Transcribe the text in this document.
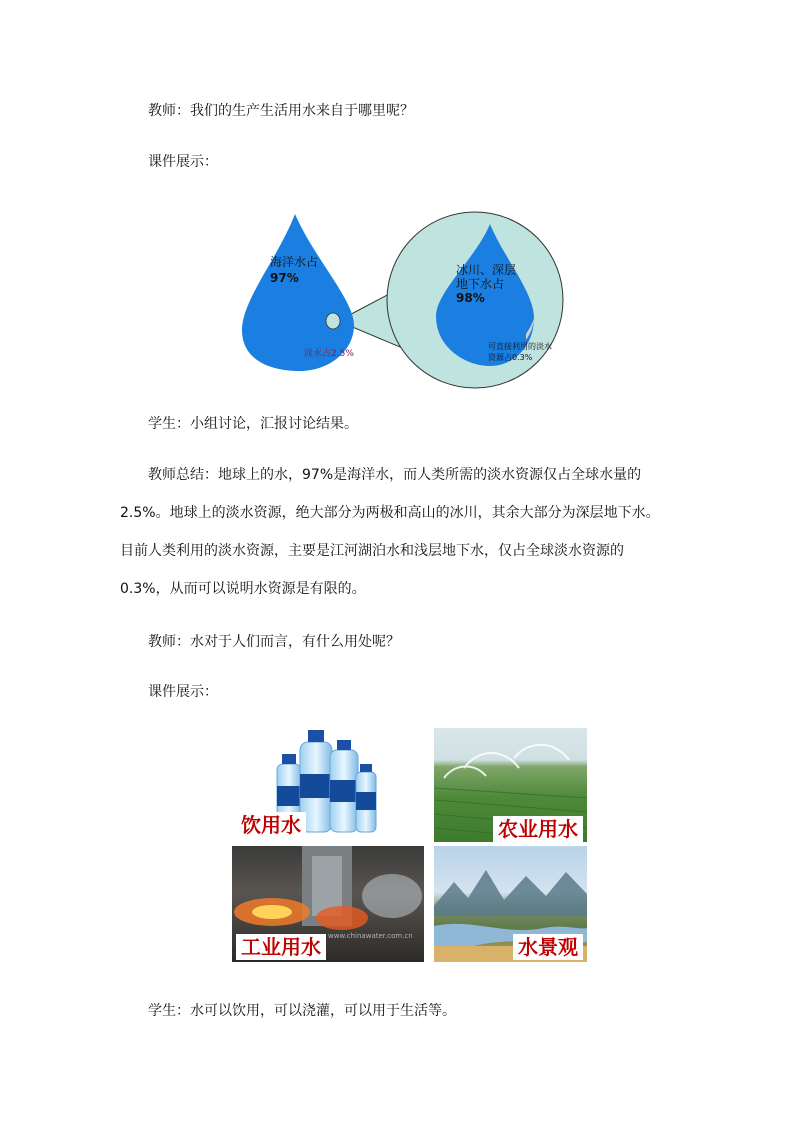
教师：我们的生产生活用水来自于哪里呢？
课件展示：
海洋水占
97%
淡水占2.5%
冰川、深层
地下水占
98%
可直接利用的淡水
资源占0.3%
学生：小组讨论，汇报讨论结果。
教师总结：地球上的水，97%是海洋水，而人类所需的淡水资源仅占全球水量的
2.5%。地球上的淡水资源，绝大部分为两极和高山的冰川，其余大部分为深层地下水。
目前人类利用的淡水资源，主要是江河湖泊水和浅层地下水，仅占全球淡水资源的
0.3%，从而可以说明水资源是有限的。
教师：水对于人们而言，有什么用处呢？
课件展示：
饮用水	农业用水
www.chinawater.com.cn
工业用水	水景观
学生：水可以饮用，可以浇灌，可以用于生活等。
